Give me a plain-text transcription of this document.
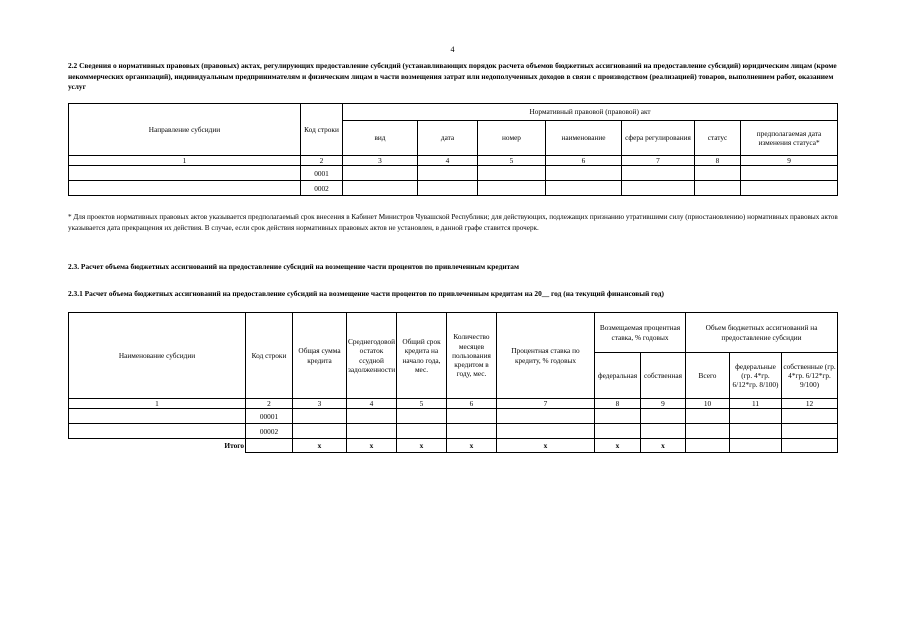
4
2.2 Сведения о нормативных правовых (правовых) актах, регулирующих предоставление субсидий (устанавливающих порядок расчета объемов бюджетных ассигнований на предоставление субсидий) юридическим лицам (кроме некоммерческих организаций), индивидуальным предпринимателям и физическим лицам в части возмещения затрат или недополученных доходов в связи с производством (реализацией) товаров, выполнением работ, оказанием услуг
Направление субсидии	Код строки	Нормативный правовой (правовой) акт						
		вид	дата	номер	наименование	сфера регулирования	статус	предполагаемая дата изменения статуса*
1	2	3	4	5	6	7	8	9
	0001							
	0002							
* Для проектов нормативных правовых актов указывается предполагаемый срок внесения в Кабинет Министров Чувашской Республики; для действующих, подлежащих признанию утратившими силу (приостановлению) нормативных правовых актов указывается дата прекращения их действия. В случае, если срок действия нормативных правовых актов не установлен, в данной графе ставится прочерк.
2.3. Расчет объема бюджетных ассигнований на предоставление субсидий на возмещение части процентов по привлеченным кредитам
2.3.1 Расчет объема бюджетных ассигнований на предоставление субсидий на возмещение части процентов по привлеченным кредитам на 20__ год (на текущий финансовый год)
Наименование субсидии	Код строки	Общая сумма кредита	Среднегодовой остаток ссудной задолженности	Общий срок кредита на начало года, мес.	Количество месяцев пользования кредитом в году, мес.	Процентная ставка по кредиту, % годовых	Возмещаемая процентная ставка, % годовых		Объем бюджетных ассигнований на предоставление субсидии		
							федеральная	собственная	Всего	федеральные (гр. 4*гр. 6/12*гр. 8/100)	собственные (гр. 4*гр. 6/12*гр. 9/100)
1	2	3	4	5	6	7	8	9	10	11	12
	00001										
	00002										
Итого		х	х	х	х	х	х	х			
